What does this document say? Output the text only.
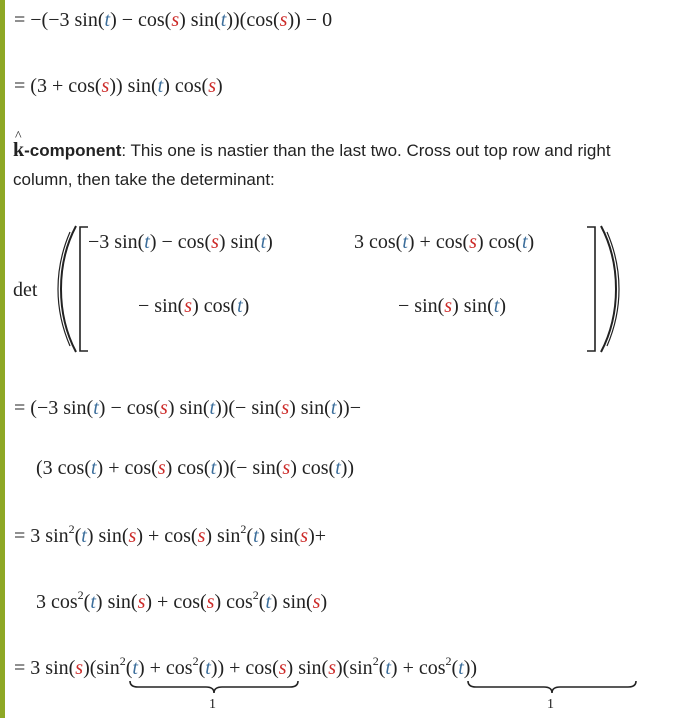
= −(−3 sin(t) − cos(s) sin(t))(cos(s)) − 0
= (3 + cos(s)) sin(t) cos(s)
^ k-component: This one is nastier than the last two. Cross out top row and right column, then take the determinant:
det
−3 sin(t) − cos(s) sin(t)	3 cos(t) + cos(s) cos(t)
− sin(s) cos(t)	− sin(s) sin(t)
= (−3 sin(t) − cos(s) sin(t))(− sin(s) sin(t))−
(3 cos(t) + cos(s) cos(t))(− sin(s) cos(t))
= 3 $\sin^2(t) \sin(s) + \cos(s)$ $\sin^2(t)$ sin(s)+
3 $\cos^2(t) \sin(s) + \cos(s)$ $\cos^2(t)$ sin(s)
= 3 $\sin(s)(\sin^2(t) + \cos^2(t)) + \cos(s) \sin(s)(\sin^2(t) + \cos^2(t))$
1	1
